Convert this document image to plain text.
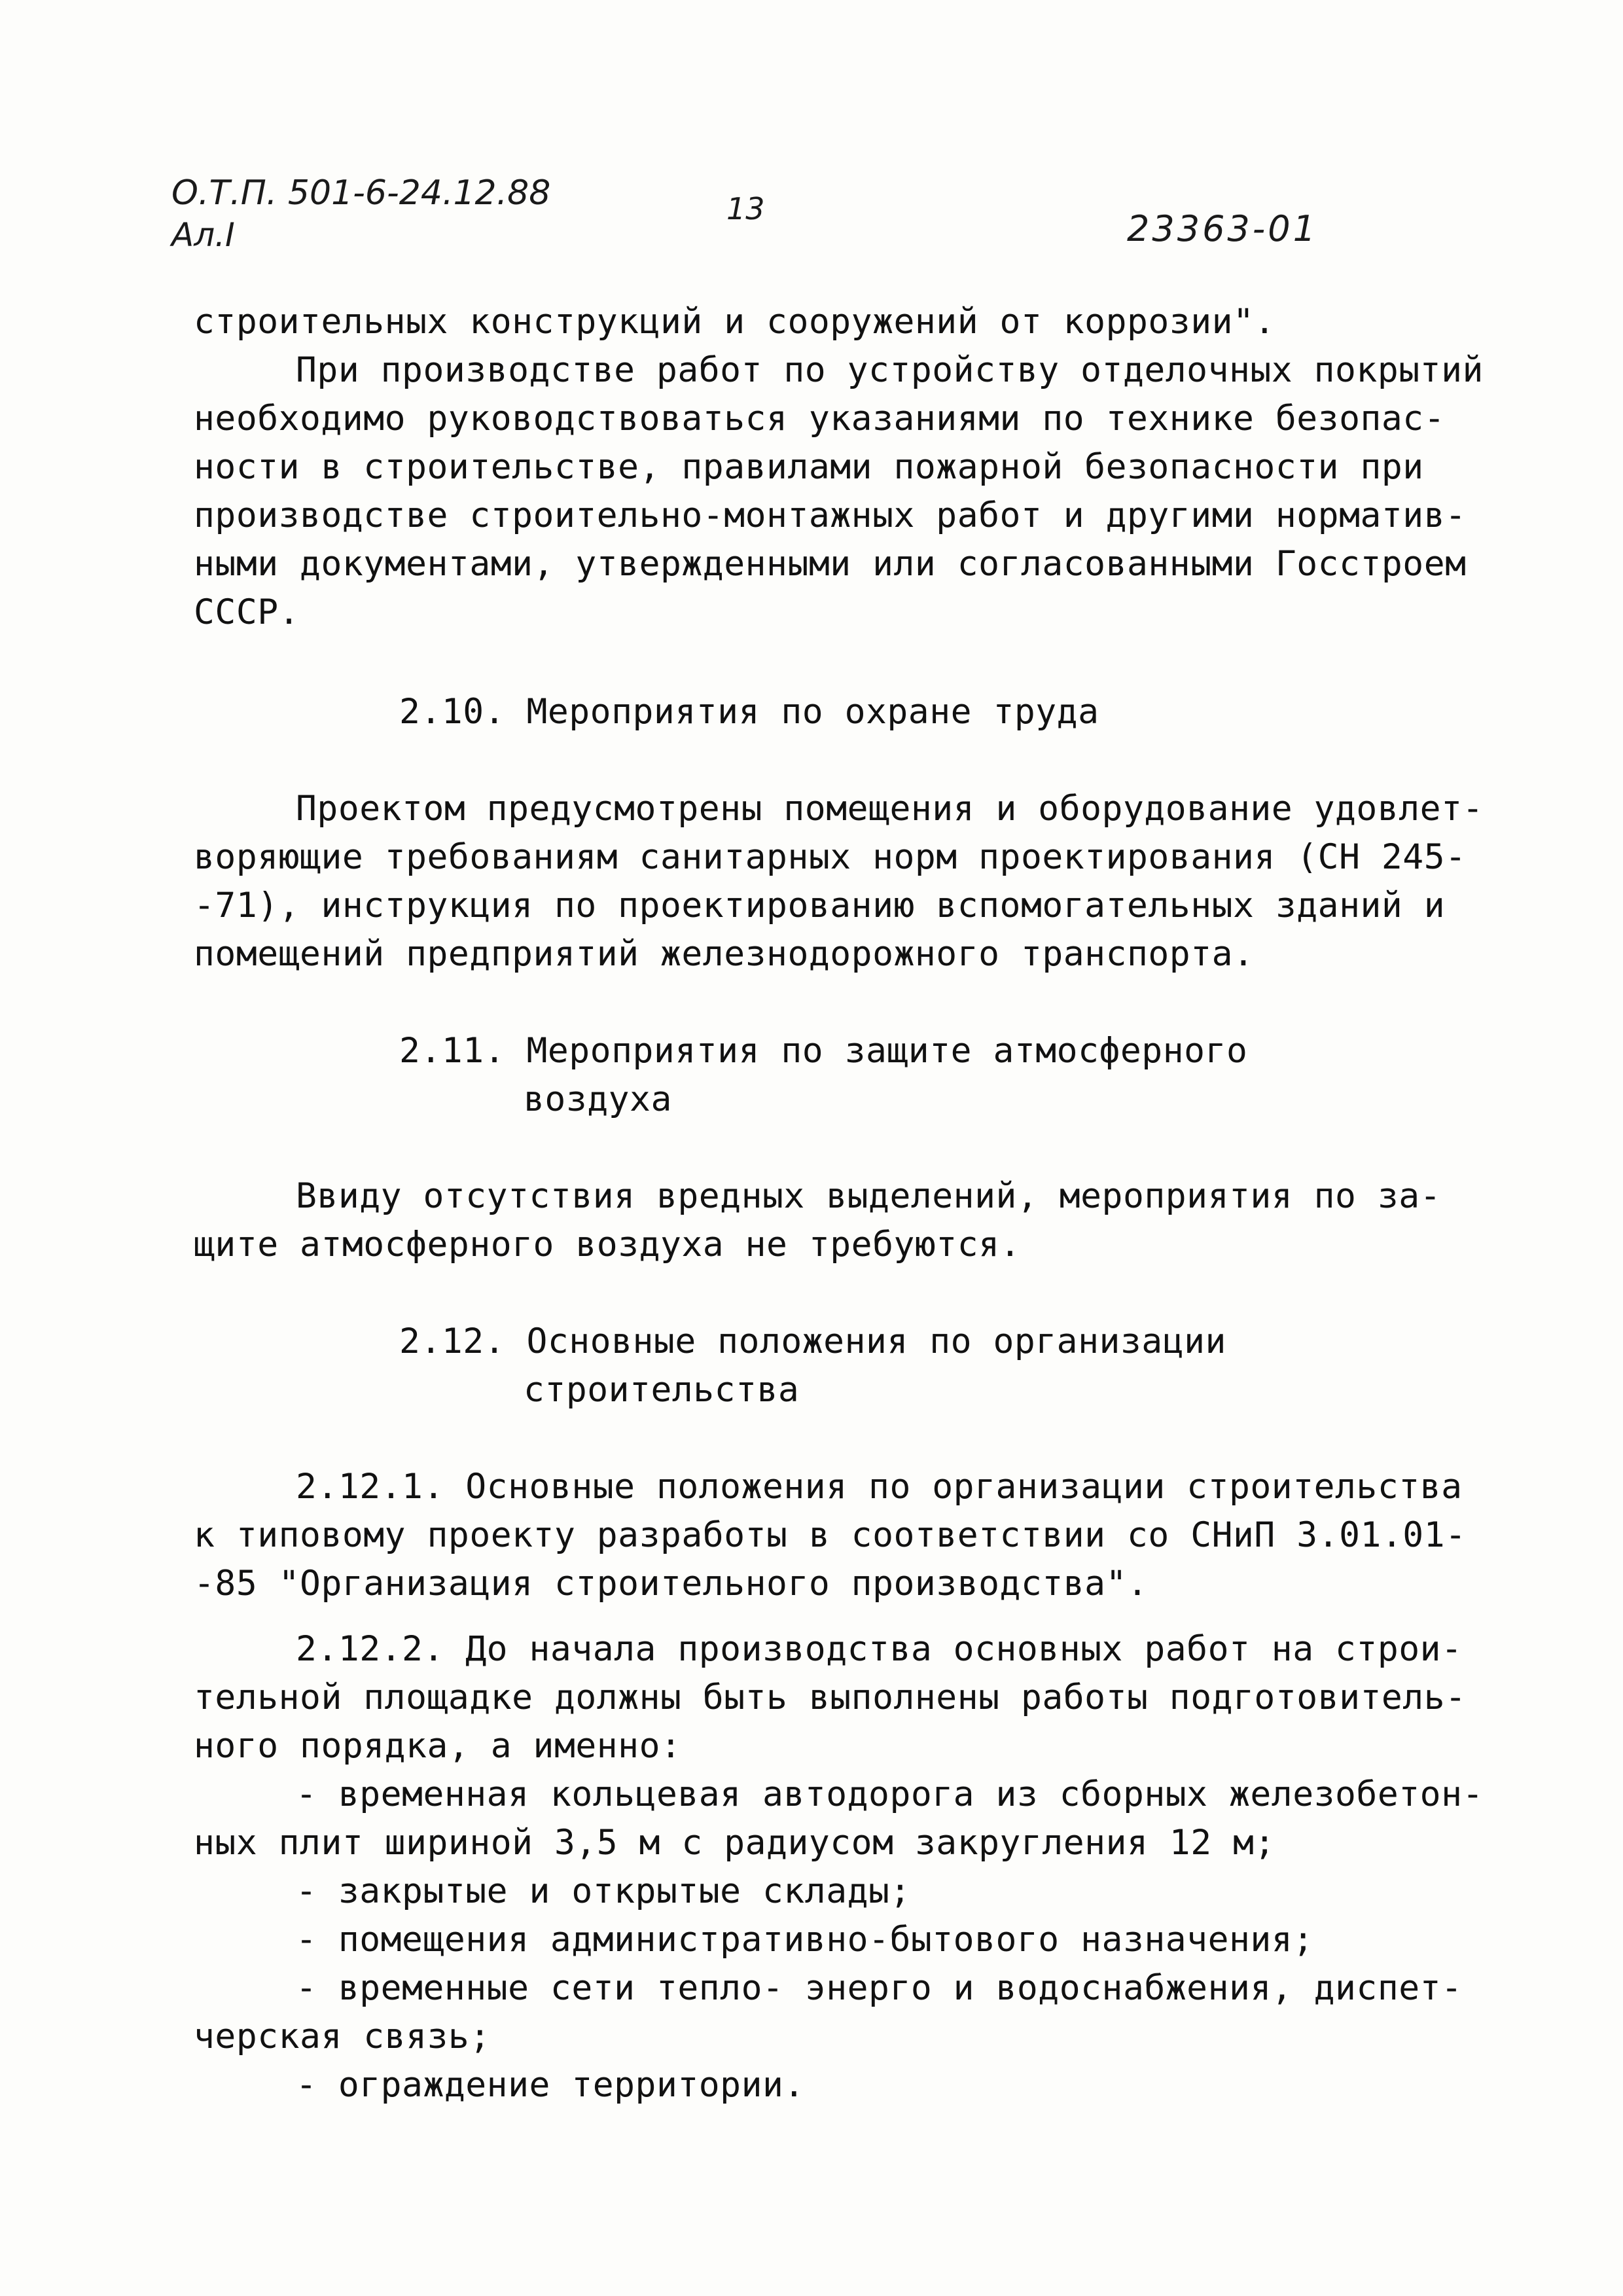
О.Т.П. 501-6-24.12.88
Ал.I
13	23363-01
строительных конструкций и сооружений от коррозии".
При производстве работ по устройству отделочных покрытий
необходимо руководствоваться указаниями по технике безопас-
ности в строительстве, правилами пожарной безопасности при
производстве строительно-монтажных работ и другими норматив-
ными документами, утвержденными или согласованными Госстроем
СССР.
2.10. Мероприятия по охране труда
Проектом предусмотрены помещения и оборудование удовлет-
воряющие требованиям санитарных норм проектирования (СН 245-
-71), инструкция по проектированию вспомогательных зданий и
помещений предприятий железнодорожного транспорта.
2.11. Мероприятия по защите атмосферного
воздуха
Ввиду отсутствия вредных выделений, мероприятия по за-
щите атмосферного воздуха не требуются.
2.12. Основные положения по организации
строительства
2.12.1. Основные положения по организации строительства
к типовому проекту разработы в соответствии со СНиП 3.01.01-
-85 "Организация строительного производства".
2.12.2. До начала производства основных работ на строи-
тельной площадке должны быть выполнены работы подготовитель-
ного порядка, а именно:
- временная кольцевая автодорога из сборных железобетон-
ных плит шириной 3,5 м с радиусом закругления 12 м;
- закрытые и открытые склады;
- помещения административно-бытового назначения;
- временные сети тепло- энерго и водоснабжения, диспет-
черская связь;
- ограждение территории.
